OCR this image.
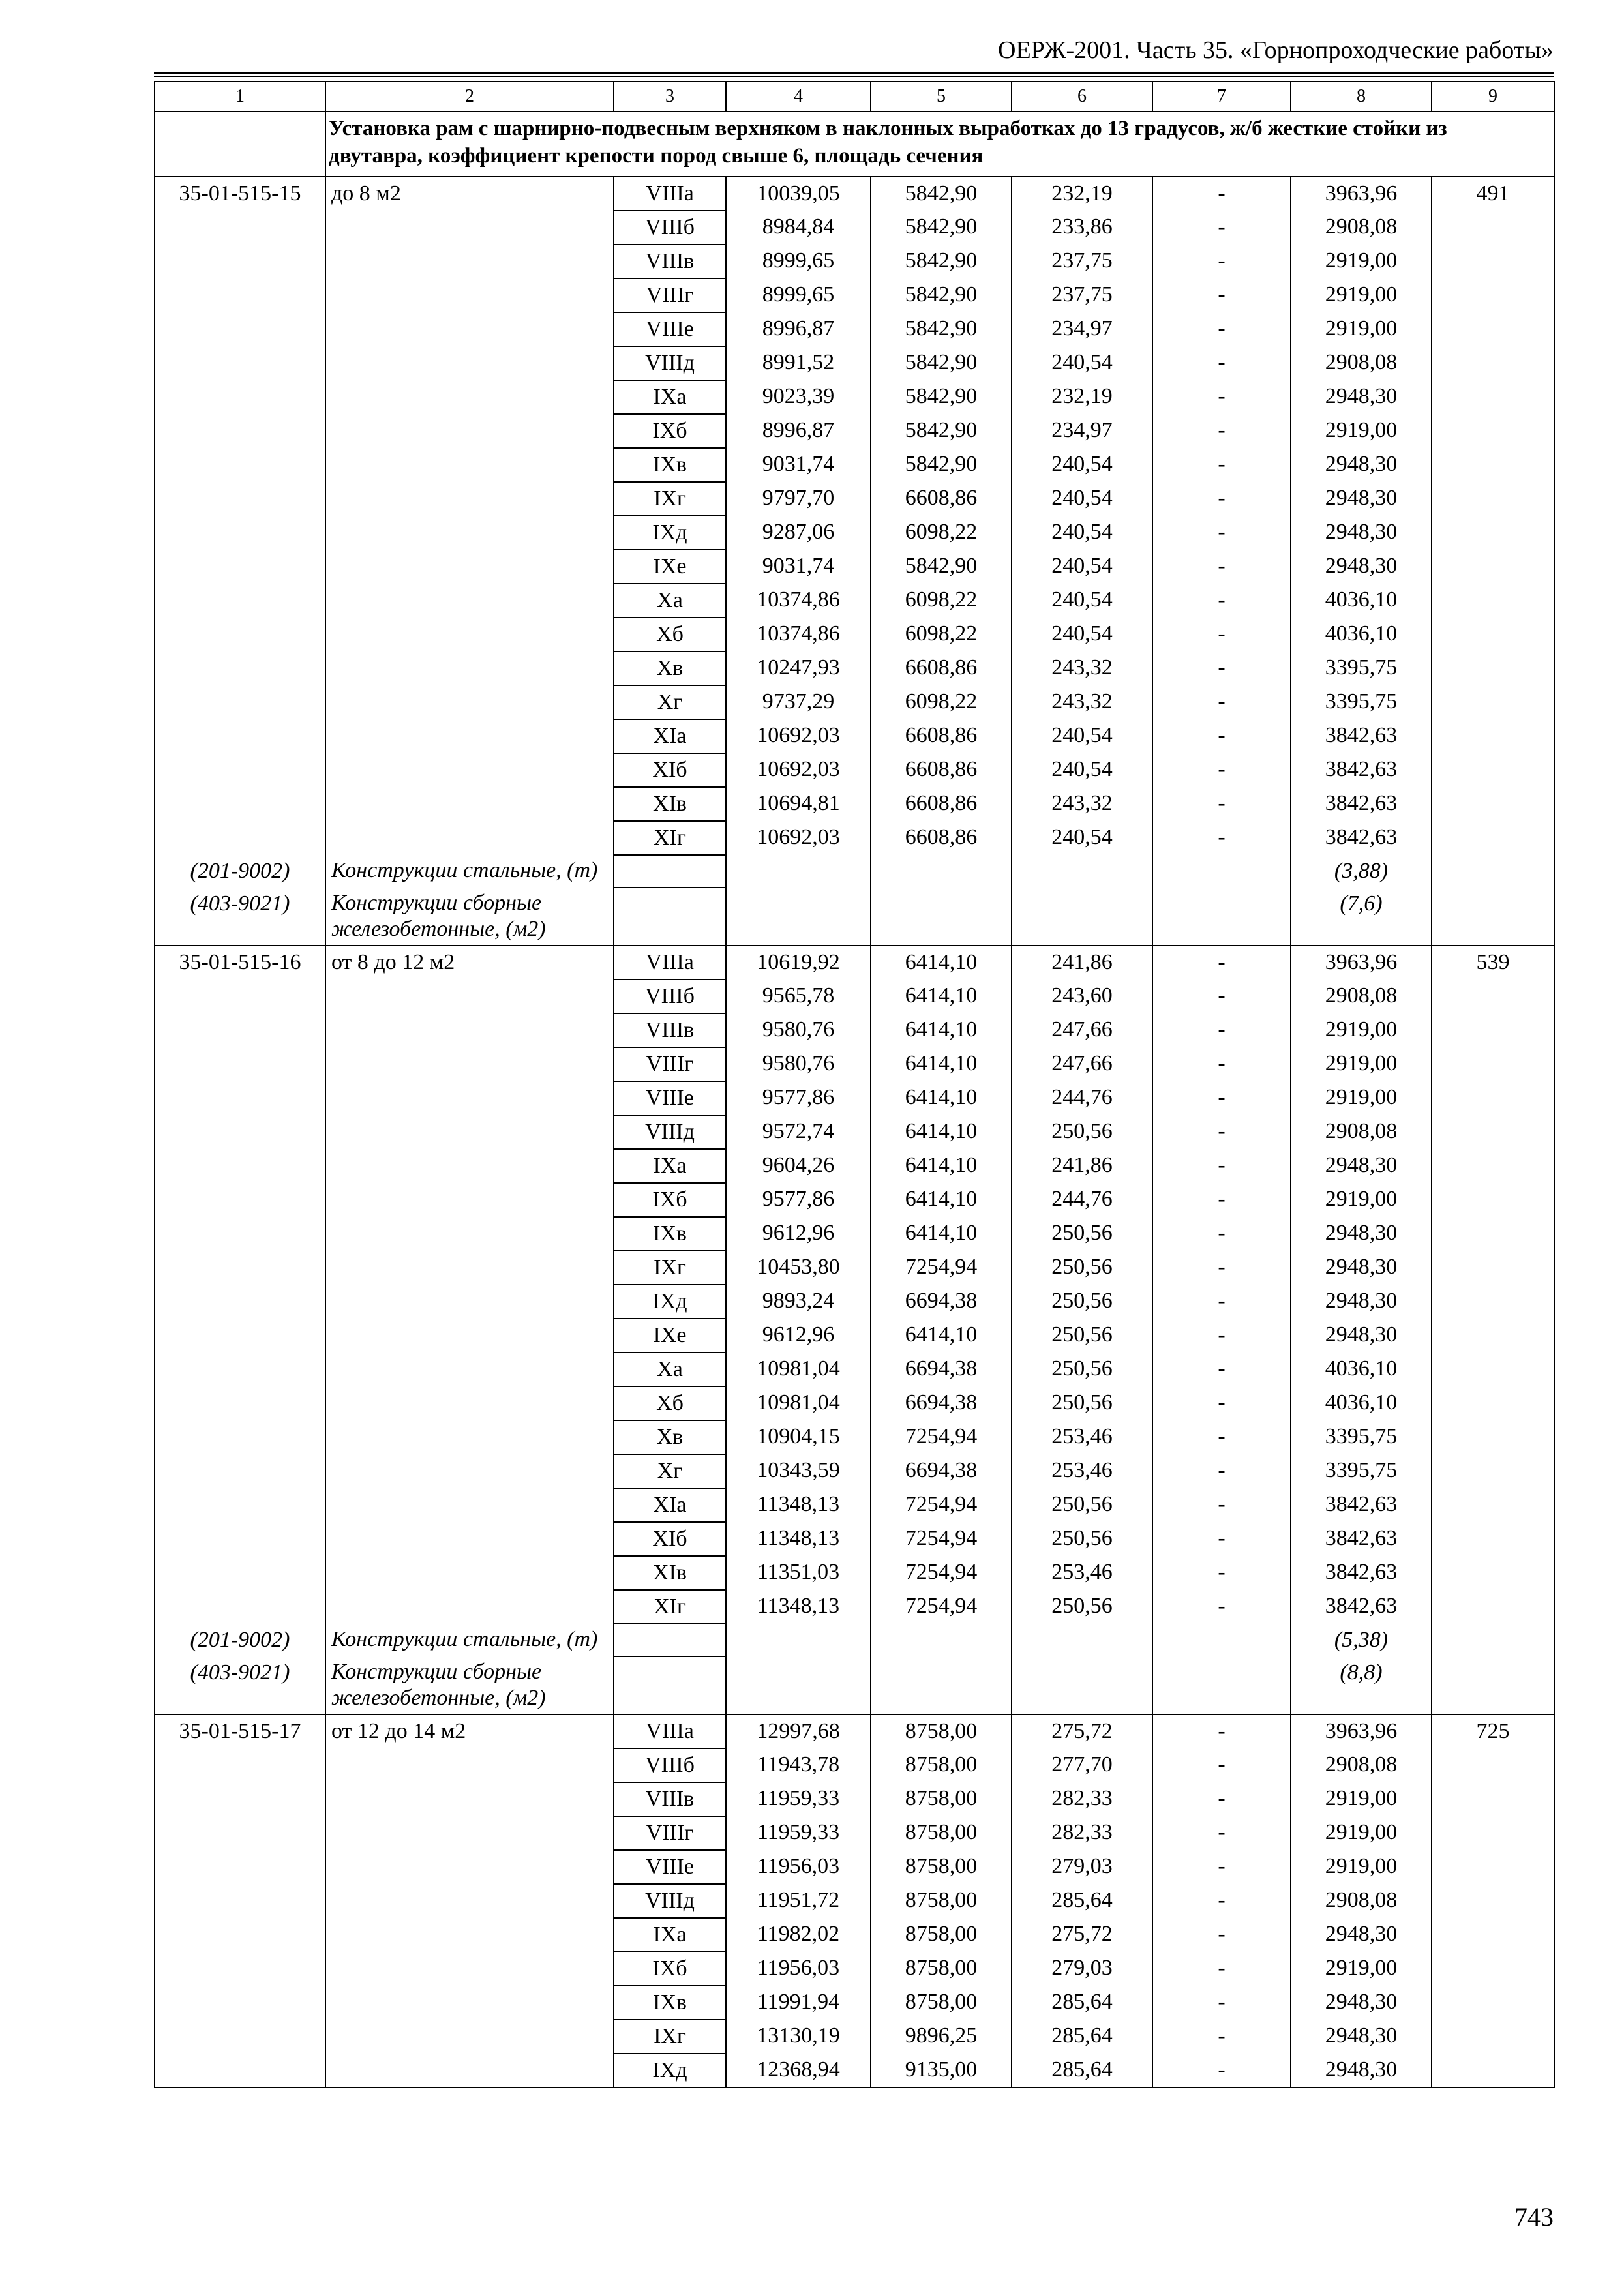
ОЕРЖ-2001. Часть 35. «Горнопроходческие работы»
1	2	3	4	5	6	7	8	9
	Установка рам с шарнирно-подвесным верхняком в наклонных выработках до 13 градусов, ж/б жесткие стойки из двутавра, коэффициент крепости пород свыше 6, площадь сечения							
35-01-515-15	до 8 м2	VIIIа	10039,05	5842,90	232,19	-	3963,96	491
		VIIIб	8984,84	5842,90	233,86	-	2908,08	
		VIIIв	8999,65	5842,90	237,75	-	2919,00	
		VIIIг	8999,65	5842,90	237,75	-	2919,00	
		VIIIе	8996,87	5842,90	234,97	-	2919,00	
		VIIIд	8991,52	5842,90	240,54	-	2908,08	
		IXа	9023,39	5842,90	232,19	-	2948,30	
		IXб	8996,87	5842,90	234,97	-	2919,00	
		IXв	9031,74	5842,90	240,54	-	2948,30	
		IXг	9797,70	6608,86	240,54	-	2948,30	
		IXд	9287,06	6098,22	240,54	-	2948,30	
		IXе	9031,74	5842,90	240,54	-	2948,30	
		Xа	10374,86	6098,22	240,54	-	4036,10	
		Xб	10374,86	6098,22	240,54	-	4036,10	
		Xв	10247,93	6608,86	243,32	-	3395,75	
		Xг	9737,29	6098,22	243,32	-	3395,75	
		XIа	10692,03	6608,86	240,54	-	3842,63	
		XIб	10692,03	6608,86	240,54	-	3842,63	
		XIв	10694,81	6608,86	243,32	-	3842,63	
		XIг	10692,03	6608,86	240,54	-	3842,63	
(201-9002)	Конструкции стальные, (т)						(3,88)	
(403-9021)	Конструкции сборные железобетонные, (м2)						(7,6)	
35-01-515-16	от 8 до 12 м2	VIIIа	10619,92	6414,10	241,86	-	3963,96	539
		VIIIб	9565,78	6414,10	243,60	-	2908,08	
		VIIIв	9580,76	6414,10	247,66	-	2919,00	
		VIIIг	9580,76	6414,10	247,66	-	2919,00	
		VIIIе	9577,86	6414,10	244,76	-	2919,00	
		VIIIд	9572,74	6414,10	250,56	-	2908,08	
		IXа	9604,26	6414,10	241,86	-	2948,30	
		IXб	9577,86	6414,10	244,76	-	2919,00	
		IXв	9612,96	6414,10	250,56	-	2948,30	
		IXг	10453,80	7254,94	250,56	-	2948,30	
		IXд	9893,24	6694,38	250,56	-	2948,30	
		IXе	9612,96	6414,10	250,56	-	2948,30	
		Xа	10981,04	6694,38	250,56	-	4036,10	
		Xб	10981,04	6694,38	250,56	-	4036,10	
		Xв	10904,15	7254,94	253,46	-	3395,75	
		Xг	10343,59	6694,38	253,46	-	3395,75	
		XIа	11348,13	7254,94	250,56	-	3842,63	
		XIб	11348,13	7254,94	250,56	-	3842,63	
		XIв	11351,03	7254,94	253,46	-	3842,63	
		XIг	11348,13	7254,94	250,56	-	3842,63	
(201-9002)	Конструкции стальные, (т)						(5,38)	
(403-9021)	Конструкции сборные железобетонные, (м2)						(8,8)	
35-01-515-17	от 12 до 14 м2	VIIIа	12997,68	8758,00	275,72	-	3963,96	725
		VIIIб	11943,78	8758,00	277,70	-	2908,08	
		VIIIв	11959,33	8758,00	282,33	-	2919,00	
		VIIIг	11959,33	8758,00	282,33	-	2919,00	
		VIIIе	11956,03	8758,00	279,03	-	2919,00	
		VIIIд	11951,72	8758,00	285,64	-	2908,08	
		IXа	11982,02	8758,00	275,72	-	2948,30	
		IXб	11956,03	8758,00	279,03	-	2919,00	
		IXв	11991,94	8758,00	285,64	-	2948,30	
		IXг	13130,19	9896,25	285,64	-	2948,30	
		IXд	12368,94	9135,00	285,64	-	2948,30	
743
